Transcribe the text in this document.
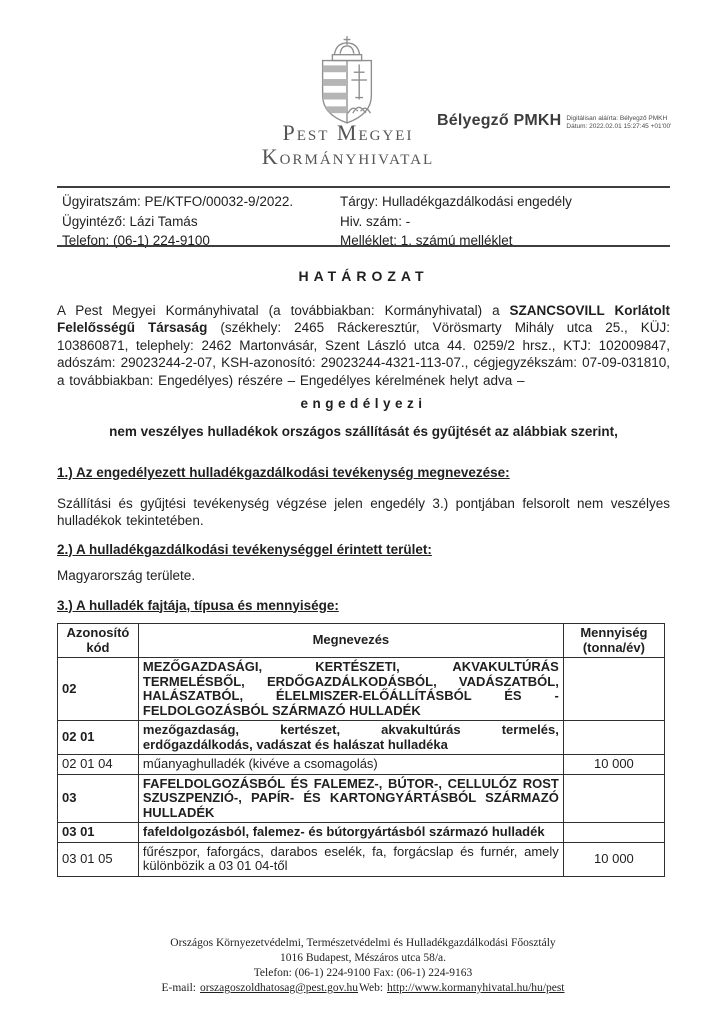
Pest Megyei
Kormányhivatal
Bélyegző PMKH Digitálisan aláírta: Bélyegző PMKH
Dátum: 2022.02.01 15:27:45 +01'00'
Ügyiratszám: PE/KTFO/00032-9/2022.
Ügyintéző: Lázi Tamás
Telefon: (06-1) 224-9100
Tárgy: Hulladékgazdálkodási engedély
Hiv. szám: -
Melléklet: 1. számú melléklet

HATÁROZAT

A Pest Megyei Kormányhivatal (a továbbiakban: Kormányhivatal) a SZANCSOVILL Korlátolt Felelősségű Társaság (székhely: 2465 Ráckeresztúr, Vörösmarty Mihály utca 25., KÜJ: 103860871, telephely: 2462 Martonvásár, Szent László utca 44. 0259/2 hrsz., KTJ: 102009847, adószám: 29023244-2-07, KSH-azonosító: 29023244-4321-113-07., cégjegyzékszám: 07-09-031810, a továbbiakban: Engedélyes) részére – Engedélyes kérelmének helyt adva –

engedélyezi

nem veszélyes hulladékok országos szállítását és gyűjtését az alábbiak szerint,

1.) Az engedélyezett hulladékgazdálkodási tevékenység megnevezése:

Szállítási és gyűjtési tevékenység végzése jelen engedély 3.) pontjában felsorolt nem veszélyes hulladékok tekintetében.

2.) A hulladékgazdálkodási tevékenységgel érintett terület:

Magyarország területe.

3.) A hulladék fajtája, típusa és mennyisége:

Azonosító kód	Megnevezés	Mennyiség (tonna/év)
02	MEZŐGAZDASÁGI, KERTÉSZETI, AKVAKULTÚRÁS TERMELÉSBŐL, ERDŐGAZDÁLKODÁSBÓL, VADÁSZATBÓL, HALÁSZATBÓL, ÉLELMISZER-ELŐÁLLÍTÁSBÓL ÉS -FELDOLGOZÁSBÓL SZÁRMAZÓ HULLADÉK	
02 01	mezőgazdaság, kertészet, akvakultúrás termelés, erdőgazdálkodás, vadászat és halászat hulladéka	
02 01 04	műanyaghulladék (kivéve a csomagolás)	10 000
03	FAFELDOLGOZÁSBÓL ÉS FALEMEZ-, BÚTOR-, CELLULÓZ ROST SZUSZPENZIÓ-, PAPÍR- ÉS KARTONGYÁRTÁSBÓL SZÁRMAZÓ HULLADÉK	
03 01	fafeldolgozásból, falemez- és bútorgyártásból származó hulladék	
03 01 05	fűrészpor, faforgács, darabos eselék, fa, forgácslap és furnér, amely különbözik a 03 01 04-től	10 000
Országos Környezetvédelmi, Természetvédelmi és Hulladékgazdálkodási Főosztály
1016 Budapest, Mészáros utca 58/a.
Telefon: (06-1) 224-9100 Fax: (06-1) 224-9163
E-mail: orszagoszoldhatosag@pest.gov.huWeb: http://www.kormanyhivatal.hu/hu/pest
